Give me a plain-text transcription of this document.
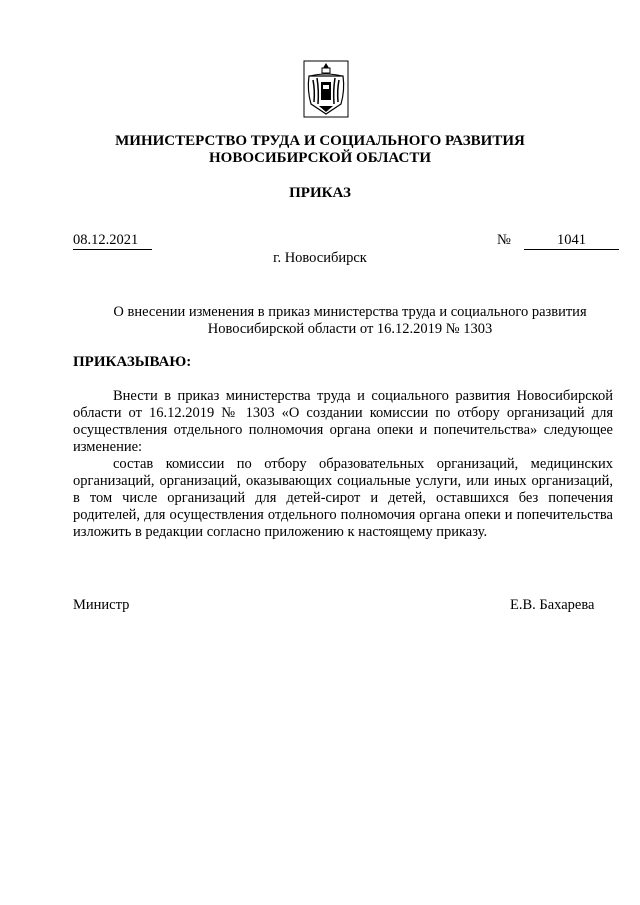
МИНИСТЕРСТВО ТРУДА И СОЦИАЛЬНОГО РАЗВИТИЯ
НОВОСИБИРСКОЙ ОБЛАСТИ
ПРИКАЗ
08.12.2021	№	1041
г. Новосибирск
О внесении изменения в приказ министерства труда и социального развития
Новосибирской области от 16.12.2019 № 1303
ПРИКАЗЫВАЮ:

Внести в приказ министерства труда и социального развития Новосибирской области от 16.12.2019 № 1303 «О создании комиссии по отбору организаций для осуществления отдельного полномочия органа опеки и попечительства» следующее изменение:

состав комиссии по отбору образовательных организаций, медицинских организаций, организаций, оказывающих социальные услуги, или иных организаций, в том числе организаций для детей-сирот и детей, оставшихся без попечения родителей, для осуществления отдельного полномочия органа опеки и попечительства изложить в редакции согласно приложению к настоящему приказу.

Министр	Е.В. Бахарева
